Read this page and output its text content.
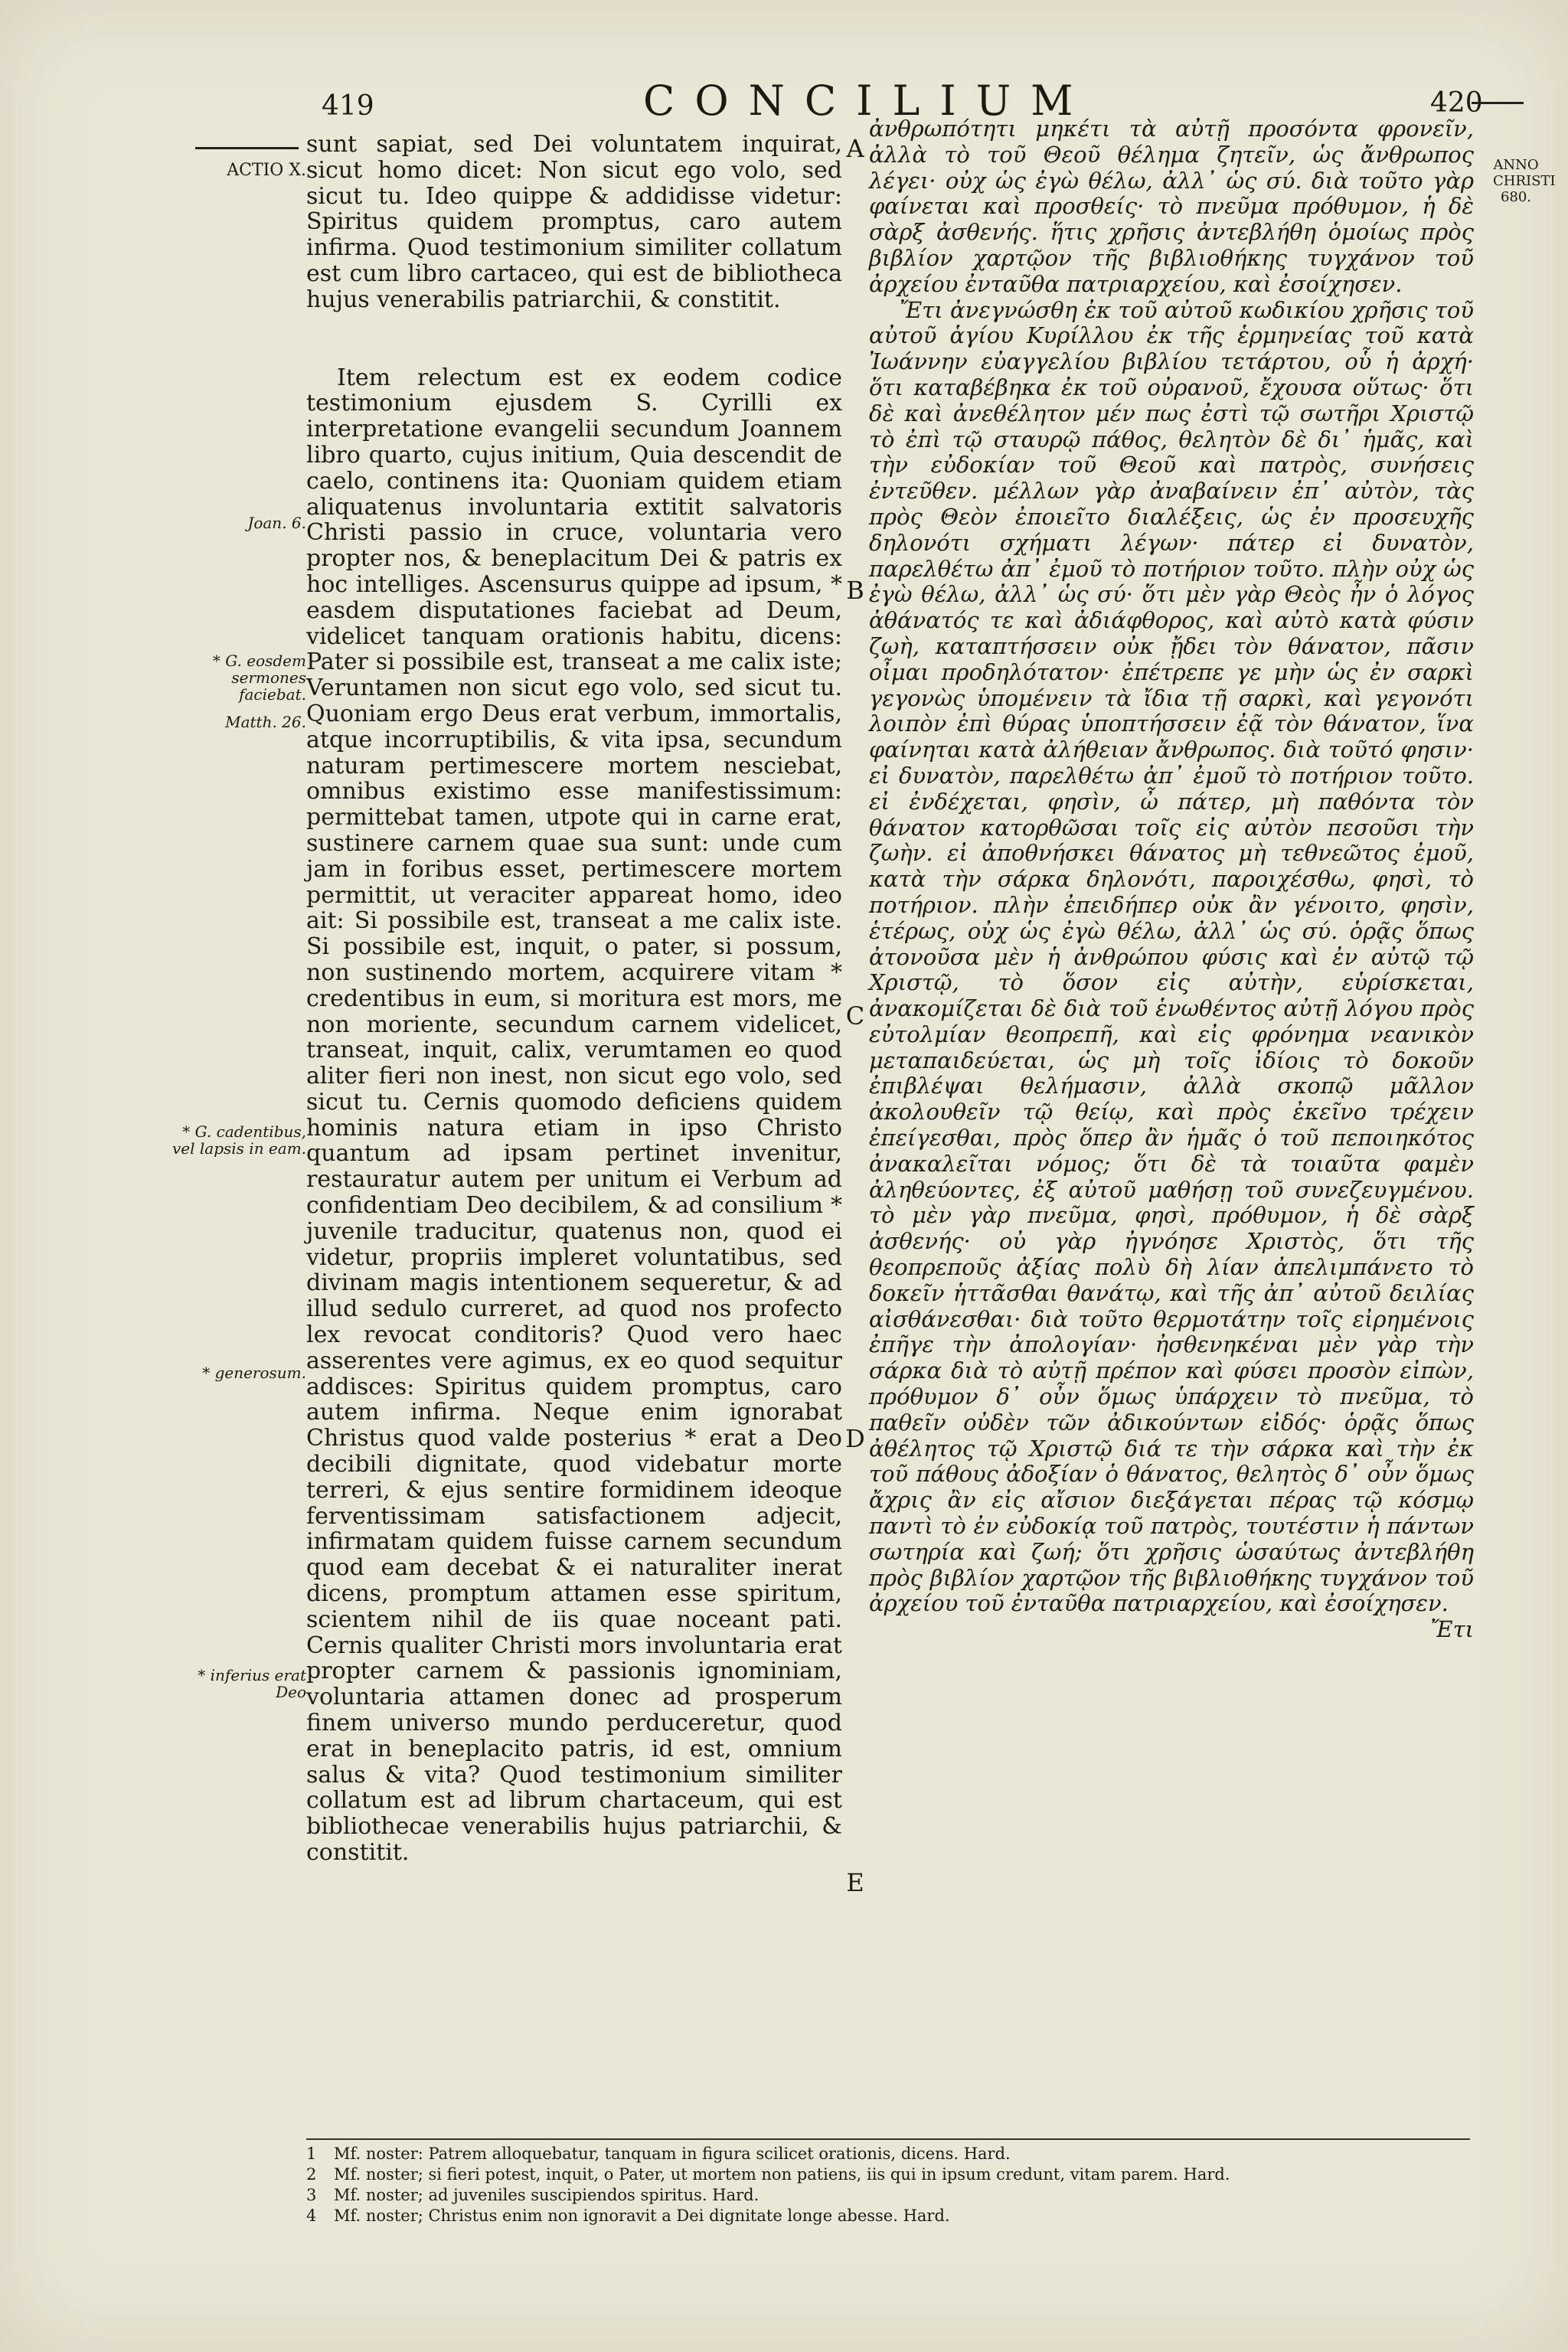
419	CONCILIUM	420
ACTIO X.
Joan. 6.
* G. eosdem sermones faciebat.
Matth. 26.
* G. cadentibus, vel lapsis in eam.
* generosum.
* inferius erat Deo
ANNO CHRISTI 680.

sunt sapiat, sed Dei voluntatem inquirat, sicut homo dicet: Non sicut ego volo, sed sicut tu. Ideo quippe & addidisse videtur: Spiritus quidem promptus, caro autem infirma. Quod testimonium similiter collatum est cum libro cartaceo, qui est de bibliotheca hujus venerabilis patriarchii, & constitit.

Item relectum est ex eodem codice testimonium ejusdem S. Cyrilli ex interpretatione evangelii secundum Joannem libro quarto, cujus initium, Quia descendit de caelo, continens ita: Quoniam quidem etiam aliquatenus involuntaria extitit salvatoris Christi passio in cruce, voluntaria vero propter nos, & beneplacitum Dei & patris ex hoc intelliges. Ascensurus quippe ad ipsum, * easdem disputationes faciebat ad Deum, videlicet tanquam orationis habitu, dicens: Pater si possibile est, transeat a me calix iste; Veruntamen non sicut ego volo, sed sicut tu. Quoniam ergo Deus erat verbum, immortalis, atque incorruptibilis, & vita ipsa, secundum naturam pertimescere mortem nesciebat, omnibus existimo esse manifestissimum: permittebat tamen, utpote qui in carne erat, sustinere carnem quae sua sunt: unde cum jam in foribus esset, pertimescere mortem permittit, ut veraciter appareat homo, ideo ait: Si possibile est, transeat a me calix iste. Si possibile est, inquit, o pater, si possum, non sustinendo mortem, acquirere vitam * credentibus in eum, si moritura est mors, me non moriente, secundum carnem videlicet, transeat, inquit, calix, verumtamen eo quod aliter fieri non inest, non sicut ego volo, sed sicut tu. Cernis quomodo deficiens quidem hominis natura etiam in ipso Christo quantum ad ipsam pertinet invenitur, restauratur autem per unitum ei Verbum ad confidentiam Deo decibilem, & ad consilium * juvenile traducitur, quatenus non, quod ei videtur, propriis impleret voluntatibus, sed divinam magis intentionem sequeretur, & ad illud sedulo curreret, ad quod nos profecto lex revocat conditoris? Quod vero haec asserentes vere agimus, ex eo quod sequitur addisces: Spiritus quidem promptus, caro autem infirma. Neque enim ignorabat Christus quod valde posterius * erat a Deo decibili dignitate, quod videbatur morte terreri, & ejus sentire formidinem ideoque ferventissimam satisfactionem adjecit, infirmatam quidem fuisse carnem secundum quod eam decebat & ei naturaliter inerat dicens, promptum attamen esse spiritum, scientem nihil de iis quae noceant pati. Cernis qualiter Christi mors involuntaria erat propter carnem & passionis ignominiam, voluntaria attamen donec ad prosperum finem universo mundo perduceretur, quod erat in beneplacito patris, id est, omnium salus & vita? Quod testimonium similiter collatum est ad librum chartaceum, qui est bibliothecae venerabilis hujus patriarchii, & constitit.

A
B
C
D
E

ἀνθρωπότητι μηκέτι τὰ αὐτῇ προσόντα φρονεῖν, ἀλλὰ τὸ τοῦ Θεοῦ θέλημα ζητεῖν, ὡς ἄνθρωπος λέγει· οὐχ ὡς ἐγὼ θέλω, ἀλλ᾽ ὡς σύ. διὰ τοῦτο γὰρ φαίνεται καὶ προσθείς· τὸ πνεῦμα πρόθυμον, ἡ δὲ σὰρξ ἀσθενής. ἥτις χρῆσις ἀντεβλήθη ὁμοίως πρὸς βιβλίον χαρτῷον τῆς βιβλιοθήκης τυγχάνον τοῦ ἀρχείου ἐνταῦθα πατριαρχείου, καὶ ἐσοίχησεν.

Ἔτι ἀνεγνώσθη ἐκ τοῦ αὐτοῦ κωδικίου χρῆσις τοῦ αὐτοῦ ἁγίου Κυρίλλου ἐκ τῆς ἑρμηνείας τοῦ κατὰ Ἰωάννην εὐαγγελίου βιβλίου τετάρτου, οὗ ἡ ἀρχή· ὅτι καταβέβηκα ἐκ τοῦ οὐρανοῦ, ἔχουσα οὕτως· ὅτι δὲ καὶ ἀνεθέλητον μέν πως ἐστὶ τῷ σωτῆρι Χριστῷ τὸ ἐπὶ τῷ σταυρῷ πάθος, θελητὸν δὲ δι᾽ ἡμᾶς, καὶ τὴν εὐδοκίαν τοῦ Θεοῦ καὶ πατρὸς, συνήσεις ἐντεῦθεν. μέλλων γὰρ ἀναβαίνειν ἐπ᾽ αὐτὸν, τὰς πρὸς Θεὸν ἐποιεῖτο διαλέξεις, ὡς ἐν προσευχῆς δηλονότι σχήματι λέγων· πάτερ εἰ δυνατὸν, παρελθέτω ἀπ᾽ ἐμοῦ τὸ ποτήριον τοῦτο. πλὴν οὐχ ὡς ἐγὼ θέλω, ἀλλ᾽ ὡς σύ· ὅτι μὲν γὰρ Θεὸς ἦν ὁ λόγος ἀθάνατός τε καὶ ἀδιάφθορος, καὶ αὐτὸ κατὰ φύσιν ζωὴ, καταπτήσσειν οὐκ ᾔδει τὸν θάνατον, πᾶσιν οἶμαι προδηλότατον· ἐπέτρεπε γε μὴν ὡς ἐν σαρκὶ γεγονὼς ὑπομένειν τὰ ἴδια τῇ σαρκὶ, καὶ γεγονότι λοιπὸν ἐπὶ θύρας ὑποπτήσσειν ἐᾷ τὸν θάνατον, ἵνα φαίνηται κατὰ ἀλήθειαν ἄνθρωπος. διὰ τοῦτό φησιν· εἰ δυνατὸν, παρελθέτω ἀπ᾽ ἐμοῦ τὸ ποτήριον τοῦτο. εἰ ἐνδέχεται, φησὶν, ὦ πάτερ, μὴ παθόντα τὸν θάνατον κατορθῶσαι τοῖς εἰς αὐτὸν πεσοῦσι τὴν ζωὴν. εἰ ἀποθνήσκει θάνατος μὴ τεθνεῶτος ἐμοῦ, κατὰ τὴν σάρκα δηλονότι, παροιχέσθω, φησὶ, τὸ ποτήριον. πλὴν ἐπειδήπερ οὐκ ἂν γένοιτο, φησὶν, ἑτέρως, οὐχ ὡς ἐγὼ θέλω, ἀλλ᾽ ὡς σύ. ὁρᾷς ὅπως ἀτονοῦσα μὲν ἡ ἀνθρώπου φύσις καὶ ἐν αὐτῷ τῷ Χριστῷ, τὸ ὅσον εἰς αὐτὴν, εὑρίσκεται, ἀνακομίζεται δὲ διὰ τοῦ ἑνωθέντος αὐτῇ λόγου πρὸς εὐτολμίαν θεοπρεπῆ, καὶ εἰς φρόνημα νεανικὸν μεταπαιδεύεται, ὡς μὴ τοῖς ἰδίοις τὸ δοκοῦν ἐπιβλέψαι θελήμασιν, ἀλλὰ σκοπῷ μᾶλλον ἀκολουθεῖν τῷ θείῳ, καὶ πρὸς ἐκεῖνο τρέχειν ἐπείγεσθαι, πρὸς ὅπερ ἂν ἡμᾶς ὁ τοῦ πεποιηκότος ἀνακαλεῖται νόμος; ὅτι δὲ τὰ τοιαῦτα φαμὲν ἀληθεύοντες, ἐξ αὐτοῦ μαθήσῃ τοῦ συνεζευγμένου. τὸ μὲν γὰρ πνεῦμα, φησὶ, πρόθυμον, ἡ δὲ σὰρξ ἀσθενής· οὐ γὰρ ἠγνόησε Χριστὸς, ὅτι τῆς θεοπρεποῦς ἀξίας πολὺ δὴ λίαν ἀπελιμπάνετο τὸ δοκεῖν ἡττᾶσθαι θανάτῳ, καὶ τῆς ἀπ᾽ αὐτοῦ δειλίας αἰσθάνεσθαι· διὰ τοῦτο θερμοτάτην τοῖς εἰρημένοις ἐπῆγε τὴν ἀπολογίαν· ἠσθενηκέναι μὲν γὰρ τὴν σάρκα διὰ τὸ αὐτῇ πρέπον καὶ φύσει προσὸν εἰπὼν, πρόθυμον δ᾽ οὖν ὅμως ὑπάρχειν τὸ πνεῦμα, τὸ παθεῖν οὐδὲν τῶν ἀδικούντων εἰδός· ὁρᾷς ὅπως ἀθέλητος τῷ Χριστῷ διά τε τὴν σάρκα καὶ τὴν ἐκ τοῦ πάθους ἀδοξίαν ὁ θάνατος, θελητὸς δ᾽ οὖν ὅμως ἄχρις ἂν εἰς αἴσιον διεξάγεται πέρας τῷ κόσμῳ παντὶ τὸ ἐν εὐδοκίᾳ τοῦ πατρὸς, τουτέστιν ἡ πάντων σωτηρία καὶ ζωή; ὅτι χρῆσις ὡσαύτως ἀντεβλήθη πρὸς βιβλίον χαρτῷον τῆς βιβλιοθήκης τυγχάνον τοῦ ἀρχείου τοῦ ἐνταῦθα πατριαρχείου, καὶ ἐσοίχησεν.

Ἔτι

1 Mf. noster: Patrem alloquebatur, tanquam in figura scilicet orationis, dicens. Hard.
2 Mf. noster; si fieri potest, inquit, o Pater, ut mortem non patiens, iis qui in ipsum credunt, vitam parem. Hard.
3 Mf. noster; ad juveniles suscipiendos spiritus. Hard.
4 Mf. noster; Christus enim non ignoravit a Dei dignitate longe abesse. Hard.
